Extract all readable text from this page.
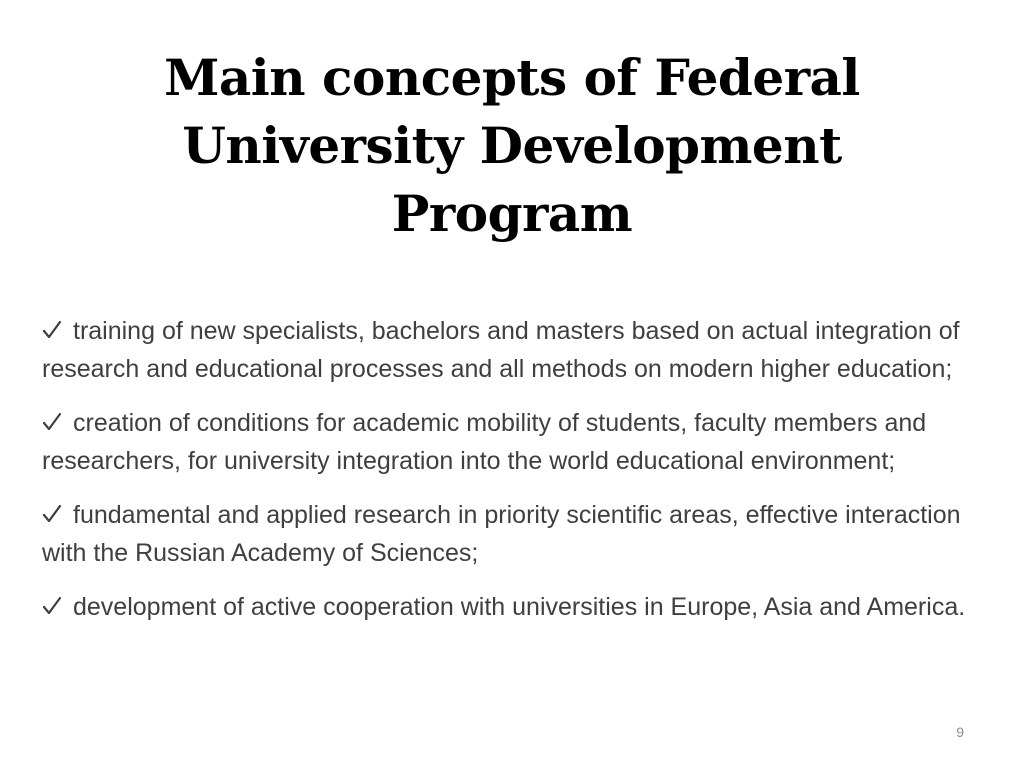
Main concepts of Federal University Development Program
training of new specialists, bachelors and masters based on actual integration of research and educational processes and all methods on modern higher education;
creation of conditions for academic mobility of students, faculty members and researchers, for university integration into the world educational environment;
fundamental and applied research in priority scientific areas, effective interaction with the Russian Academy of Sciences;
development of active cooperation with universities in Europe, Asia and America.
9
